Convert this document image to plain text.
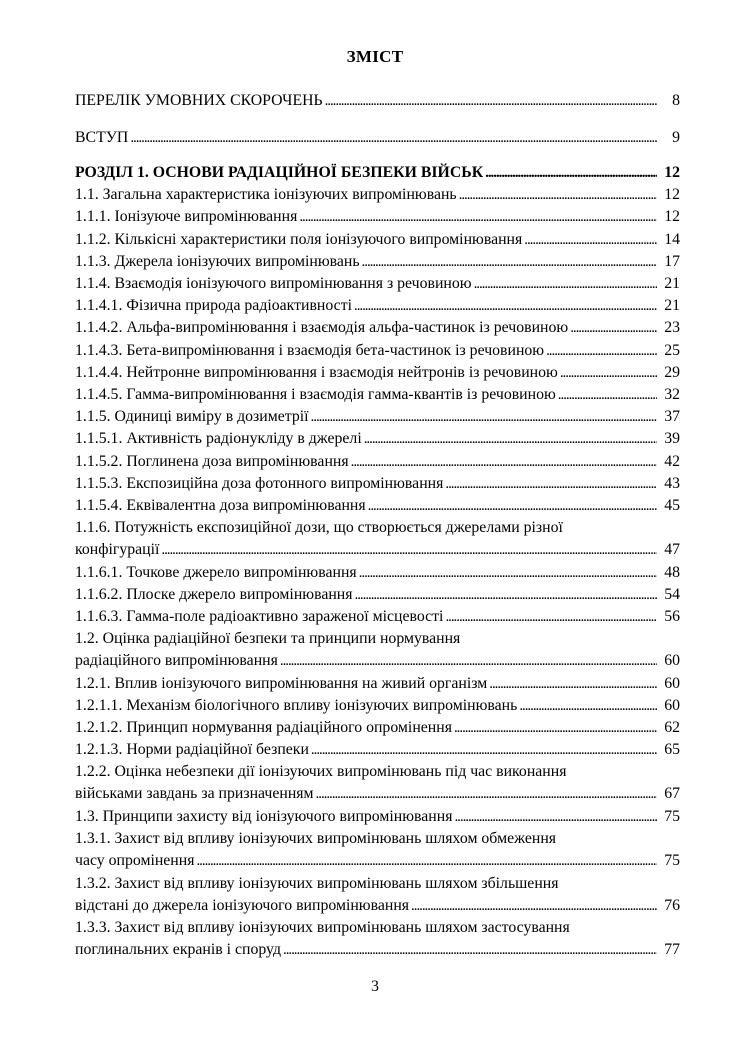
ЗМІСТ
ПЕРЕЛІК УМОВНИХ СКОРОЧЕНЬ . . .	8
ВСТУП . . .	9
РОЗДІЛ 1. ОСНОВИ РАДІАЦІЙНОЇ БЕЗПЕКИ ВІЙСЬК . . .	12
1.1. Загальна характеристика іонізуючих випромінювань . . .	12
1.1.1. Іонізуюче випромінювання . . .	12
1.1.2. Кількісні характеристики поля іонізуючого випромінювання . . .	14
1.1.3. Джерела іонізуючих випромінювань . . .	17
1.1.4. Взаємодія іонізуючого випромінювання з речовиною . . .	21
1.1.4.1. Фізична природа радіоактивності . . .	21
1.1.4.2. Альфа-випромінювання і взаємодія альфа-частинок із речовиною . . .	23
1.1.4.3. Бета-випромінювання і взаємодія бета-частинок із речовиною . . .	25
1.1.4.4. Нейтронне випромінювання і взаємодія нейтронів із речовиною . . .	29
1.1.4.5. Гамма-випромінювання і взаємодія гамма-квантів із речовиною . . .	32
1.1.5. Одиниці виміру в дозиметрії . . .	37
1.1.5.1. Активність радіонукліду в джерелі . . .	39
1.1.5.2. Поглинена доза випромінювання . . .	42
1.1.5.3. Експозиційна доза фотонного випромінювання . . .	43
1.1.5.4. Еквівалентна доза випромінювання . . .	45
1.1.6. Потужність експозиційної дози, що створюється джерелами різної
конфігурації . . .	47
1.1.6.1. Точкове джерело випромінювання . . .	48
1.1.6.2. Плоске джерело випромінювання . . .	54
1.1.6.3. Гамма-поле радіоактивно зараженої місцевості . . .	56
1.2. Оцінка радіаційної безпеки та принципи нормування
радіаційного випромінювання . . .	60
1.2.1. Вплив іонізуючого випромінювання на живий організм . . .	60
1.2.1.1. Механізм біологічного впливу іонізуючих випромінювань . . .	60
1.2.1.2. Принцип нормування радіаційного опромінення . . .	62
1.2.1.3. Норми радіаційної безпеки . . .	65
1.2.2. Оцінка небезпеки дії іонізуючих випромінювань під час виконання
військами завдань за призначенням . . .	67
1.3. Принципи захисту від іонізуючого випромінювання . . .	75
1.3.1. Захист від впливу іонізуючих випромінювань шляхом обмеження
часу опромінення . . .	75
1.3.2. Захист від впливу іонізуючих випромінювань шляхом збільшення
відстані до джерела іонізуючого випромінювання . . .	76
1.3.3. Захист від впливу іонізуючих випромінювань шляхом застосування
поглинальних екранів і споруд . . .	77
3
